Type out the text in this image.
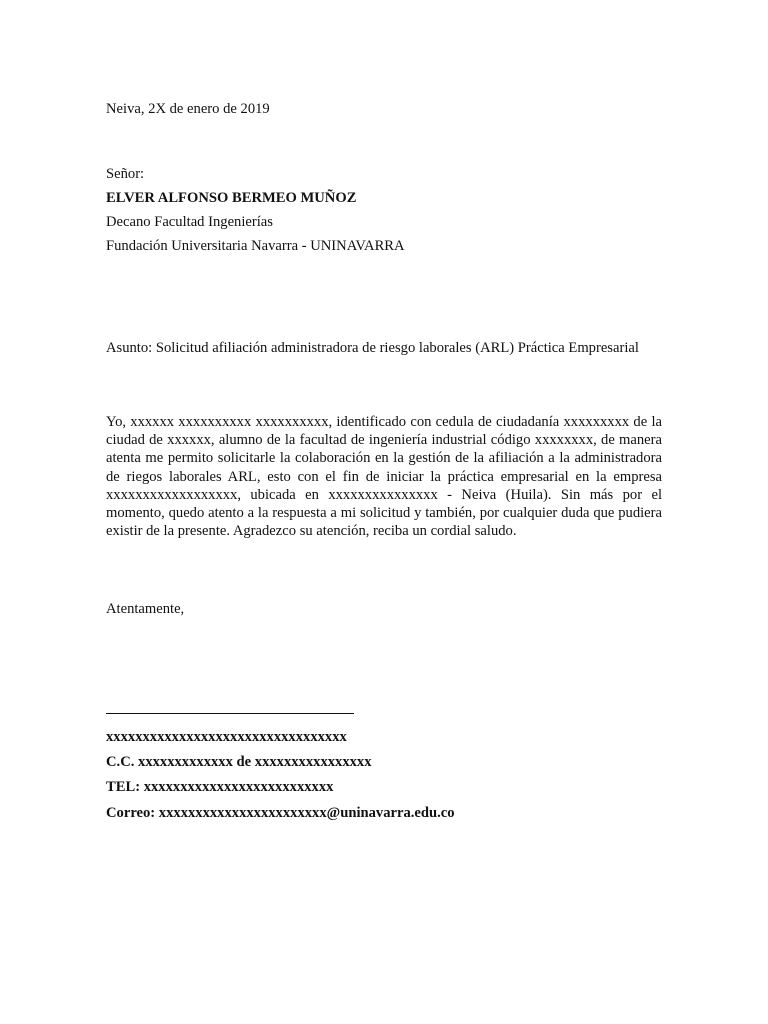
Neiva, 2X de enero de 2019
Señor:
ELVER ALFONSO BERMEO MUÑOZ
Decano Facultad Ingenierías
Fundación Universitaria Navarra - UNINAVARRA
Asunto: Solicitud afiliación administradora de riesgo laborales (ARL) Práctica Empresarial
Yo, xxxxxx xxxxxxxxxx xxxxxxxxxx, identificado con cedula de ciudadanía xxxxxxxxx de la ciudad de xxxxxx, alumno de la facultad de ingeniería industrial código xxxxxxxx, de manera atenta me permito solicitarle la colaboración en la gestión de la afiliación a la administradora de riegos laborales ARL, esto con el fin de iniciar la práctica empresarial en la empresa xxxxxxxxxxxxxxxxxx, ubicada en xxxxxxxxxxxxxxx - Neiva (Huila). Sin más por el momento, quedo atento a la respuesta a mi solicitud y también, por cualquier duda que pudiera existir de la presente. Agradezco su atención, reciba un cordial saludo.
Atentamente,
xxxxxxxxxxxxxxxxxxxxxxxxxxxxxxxxx
C.C. xxxxxxxxxxxxx de xxxxxxxxxxxxxxxx
TEL: xxxxxxxxxxxxxxxxxxxxxxxxxx
Correo: xxxxxxxxxxxxxxxxxxxxxxx@uninavarra.edu.co
